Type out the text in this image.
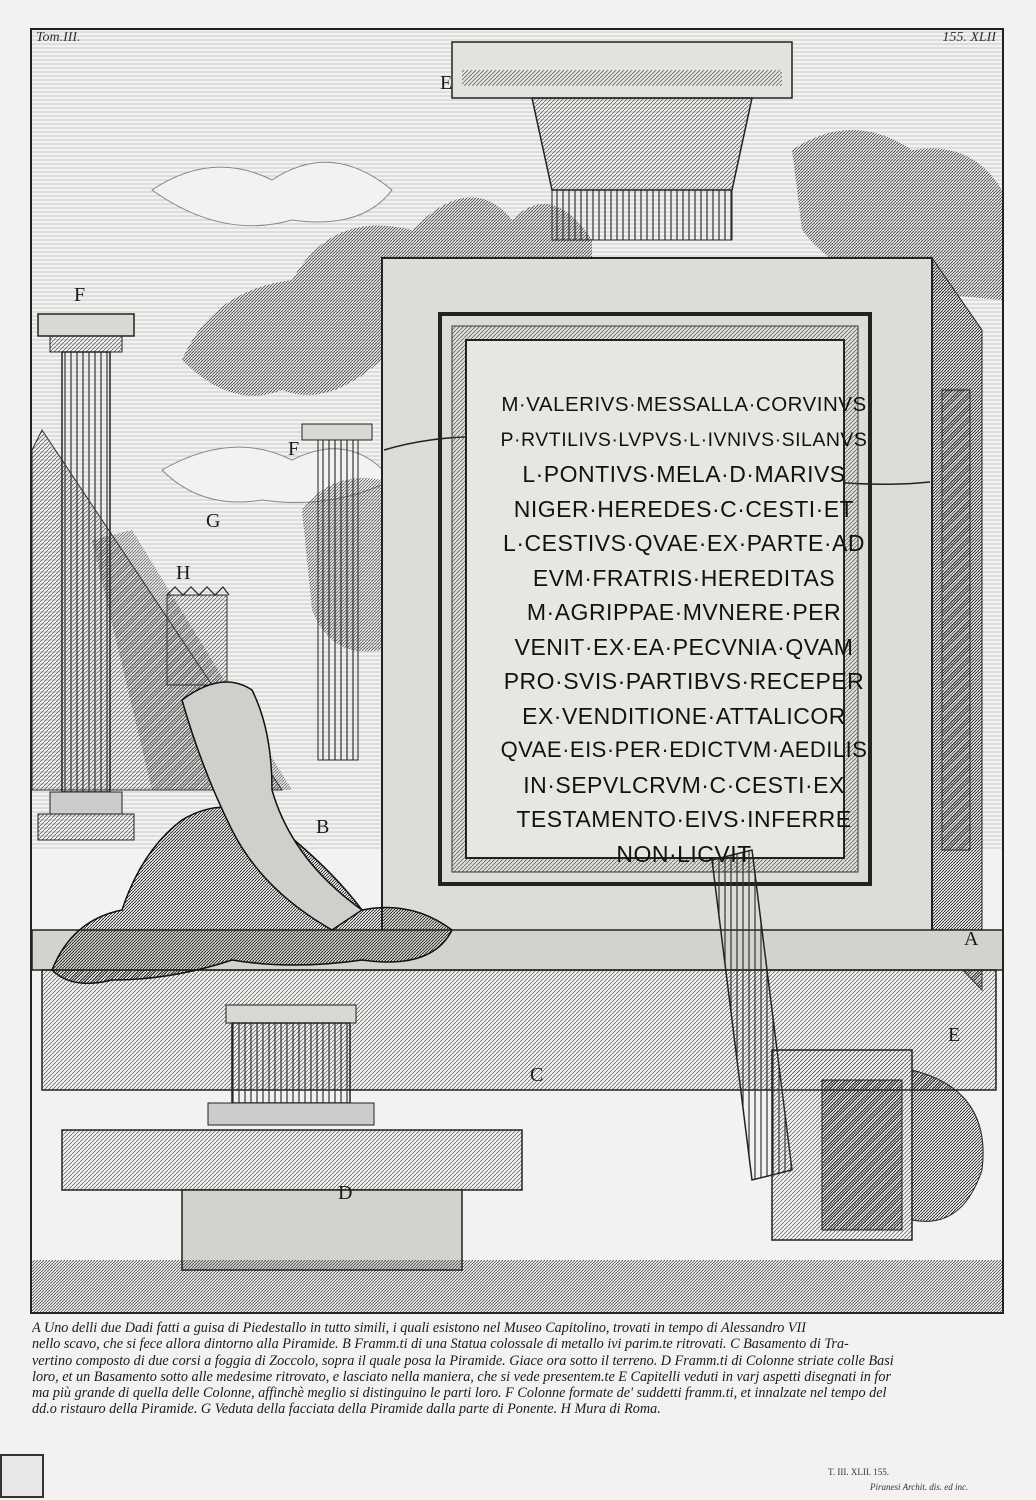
M·VALERIVS·MESSALLA·CORVINVS
P·RVTILIVS·LVPVS·L·IVNIVS·SILANVS
L·PONTIVS·MELA·D·MARIVS
NIGER·HEREDES·C·CESTI·ET
L·CESTIVS·QVAE·EX·PARTE·AD
EVM·FRATRIS·HEREDITAS
M·AGRIPPAE·MVNERE·PER
VENIT·EX·EA·PECVNIA·QVAM
PRO·SVIS·PARTIBVS·RECEPER
EX·VENDITIONE·ATTALICOR
QVAE·EIS·PER·EDICTVM·AEDILIS
IN·SEPVLCRVM·C·CESTI·EX
TESTAMENTO·EIVS·INFERRE
NON·LICVIT
E
F
F
G
H
B
A
E
C
D
A Uno delli due Dadi fatti a guisa di Piedestallo in tutto simili, i quali esistono nel Museo Capitolino, trovati in tempo di Alessandro VII
nello scavo, che si fece allora dintorno alla Piramide. B Framm.ti di una Statua colossale di metallo ivi parim.te ritrovati. C Basamento di Tra-
vertino composto di due corsi a foggia di Zoccolo, sopra il quale posa la Piramide. Giace ora sotto il terreno. D Framm.ti di Colonne striate colle Basi
loro, et un Basamento sotto alle medesime ritrovato, e lasciato nella maniera, che si vede presentem.te E Capitelli veduti in varj aspetti disegnati in for
ma più grande di quella delle Colonne, affinchè meglio si distinguino le parti loro. F Colonne formate de' suddetti framm.ti, et innalzate nel tempo del
dd.o ristauro della Piramide. G Veduta della facciata della Piramide dalla parte di Ponente. H Mura di Roma.
T. III. XLII. 155.
Piranesi Archit. dis. ed inc.
